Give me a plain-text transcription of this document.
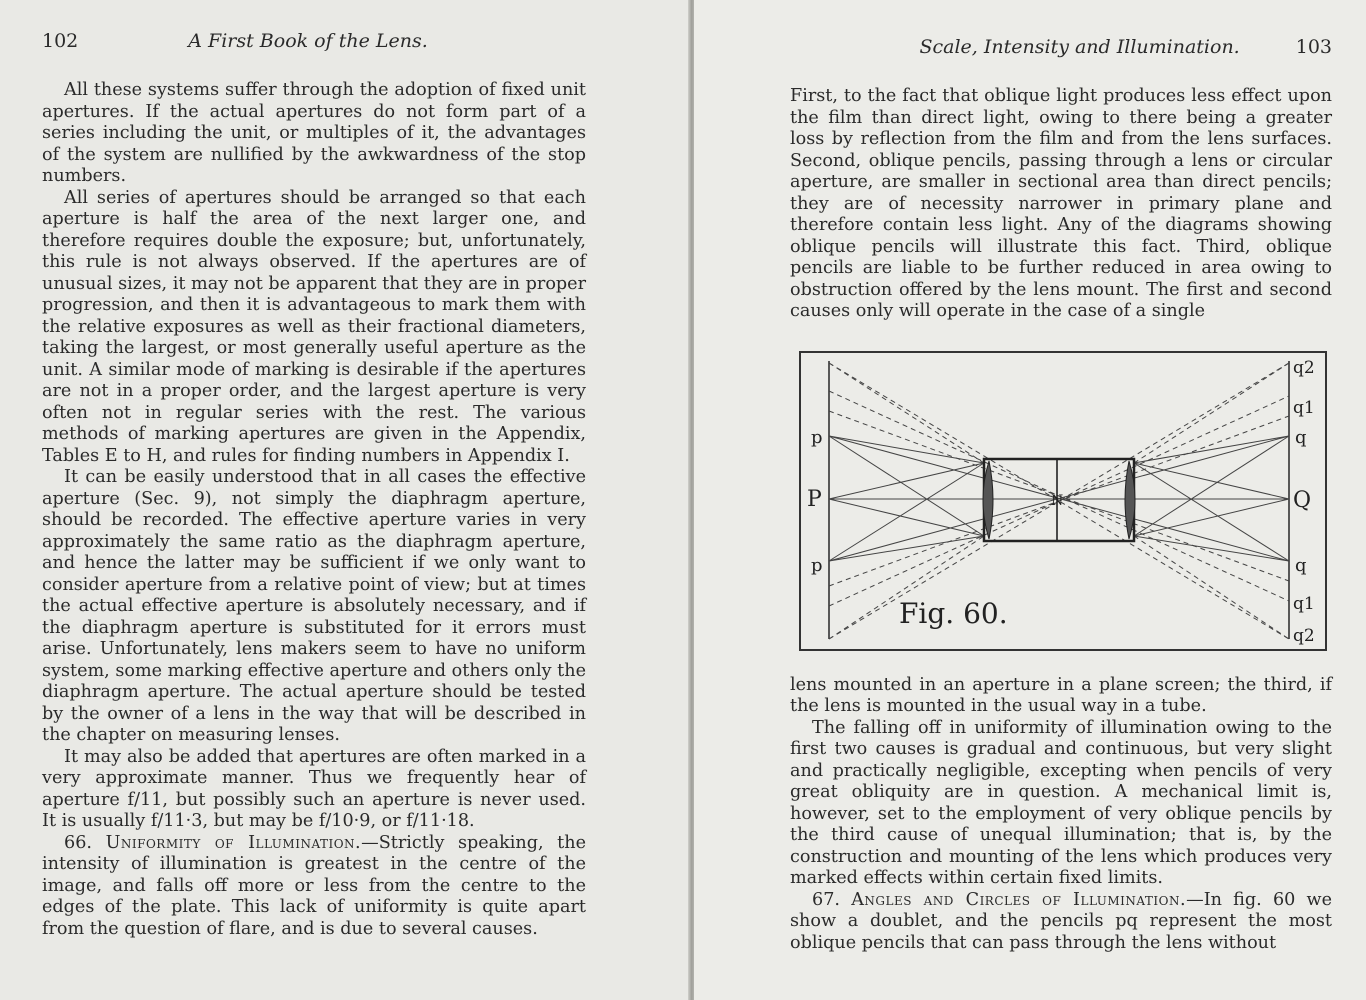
102	A First Book of the Lens.

All these systems suffer through the adoption of fixed unit apertures. If the actual apertures do not form part of a series including the unit, or multiples of it, the advantages of the system are nullified by the awkwardness of the stop numbers.

All series of apertures should be arranged so that each aperture is half the area of the next larger one, and therefore requires double the exposure; but, unfortunately, this rule is not always observed. If the apertures are of unusual sizes, it may not be apparent that they are in proper progression, and then it is advantageous to mark them with the relative exposures as well as their fractional diameters, taking the largest, or most generally useful aperture as the unit. A similar mode of marking is desirable if the apertures are not in a proper order, and the largest aperture is very often not in regular series with the rest. The various methods of marking apertures are given in the Appendix, Tables E to H, and rules for finding numbers in Appendix I.

It can be easily understood that in all cases the effective aperture (Sec. 9), not simply the diaphragm aperture, should be recorded. The effective aperture varies in very approximately the same ratio as the diaphragm aperture, and hence the latter may be sufficient if we only want to consider aperture from a relative point of view; but at times the actual effective aperture is absolutely necessary, and if the diaphragm aperture is substituted for it errors must arise. Unfortunately, lens makers seem to have no uniform system, some marking effective aperture and others only the diaphragm aperture. The actual aperture should be tested by the owner of a lens in the way that will be described in the chapter on measuring lenses.

It may also be added that apertures are often marked in a very approximate manner. Thus we frequently hear of aperture f/11, but possibly such an aperture is never used. It is usually f/11·3, but may be f/10·9, or f/11·18.

66. Uniformity of Illumination.—Strictly speaking, the intensity of illumination is greatest in the centre of the image, and falls off more or less from the centre to the edges of the plate. This lack of uniformity is quite apart from the question of flare, and is due to several causes.

Scale, Intensity and Illumination.	103

First, to the fact that oblique light produces less effect upon the film than direct light, owing to there being a greater loss by reflection from the film and from the lens surfaces. Second, oblique pencils, passing through a lens or circular aperture, are smaller in sectional area than direct pencils; they are of necessity narrower in primary plane and therefore contain less light. Any of the diagrams showing oblique pencils will illustrate this fact. Third, oblique pencils are liable to be further reduced in area owing to obstruction offered by the lens mount. The first and second causes only will operate in the case of a single

p
P
p
N
q2
q1
q
Q
q
q1
q2
Fig. 60.

lens mounted in an aperture in a plane screen; the third, if the lens is mounted in the usual way in a tube.

The falling off in uniformity of illumination owing to the first two causes is gradual and continuous, but very slight and practically negligible, excepting when pencils of very great obliquity are in question. A mechanical limit is, however, set to the employment of very oblique pencils by the third cause of unequal illumination; that is, by the construction and mounting of the lens which produces very marked effects within certain fixed limits.

67. Angles and Circles of Illumination.—In fig. 60 we show a doublet, and the pencils pq represent the most oblique pencils that can pass through the lens without
